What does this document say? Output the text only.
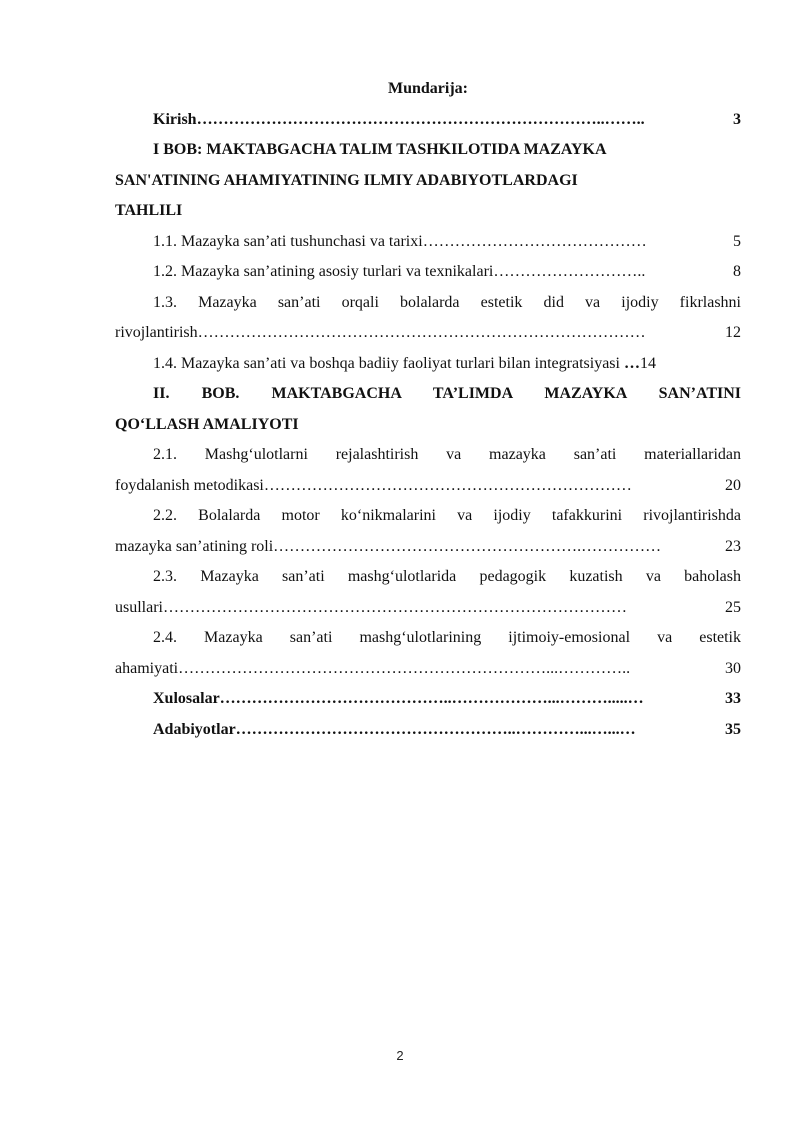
Mundarija:
Kirish …………………………………………………………………..……..	3
I BOB: MAKTABGACHA TALIM TASHKILOTIDA MAZAYKA
SAN'ATINING AHAMIYATINING ILMIY ADABIYOTLARDAGI
TAHLILI
1.1. Mazayka san’ati tushunchasi va tarixi ……………………………………	5
1.2. Mazayka san’atining asosiy turlari va texnikalari ………………………..	8
1.3. Mazayka san’ati orqali bolalarda estetik did va ijodiy fikrlashni
rivojlantirish …………………………………………………………………………	12
1.4. Mazayka san’ati va boshqa badiiy faoliyat turlari bilan integratsiyasi … 14
II. BOB. MAKTABGACHA TA’LIMDA MAZAYKA SAN’ATINI
QO‘LLASH AMALIYOTI
2.1. Mashg‘ulotlarni rejalashtirish va mazayka san’ati materiallaridan
foydalanish metodikasi ……………………………………………………………	20
2.2. Bolalarda motor ko‘nikmalarini va ijodiy tafakkurini rivojlantirishda
mazayka san’atining roli ………………………………………………….……………	23
2.3. Mazayka san’ati mashg‘ulotlarida pedagogik kuzatish va baholash
usullari ……………………………………………………………………………	25
2.4. Mazayka san’ati mashg‘ulotlarining ijtimoiy-emosional va estetik
ahamiyati ……………………………………………………………...…………..	30
Xulosalar ……………………………………..………………...……….....…	33
Adabiyotlar ……………………………………………..…………...…...…	35
2
